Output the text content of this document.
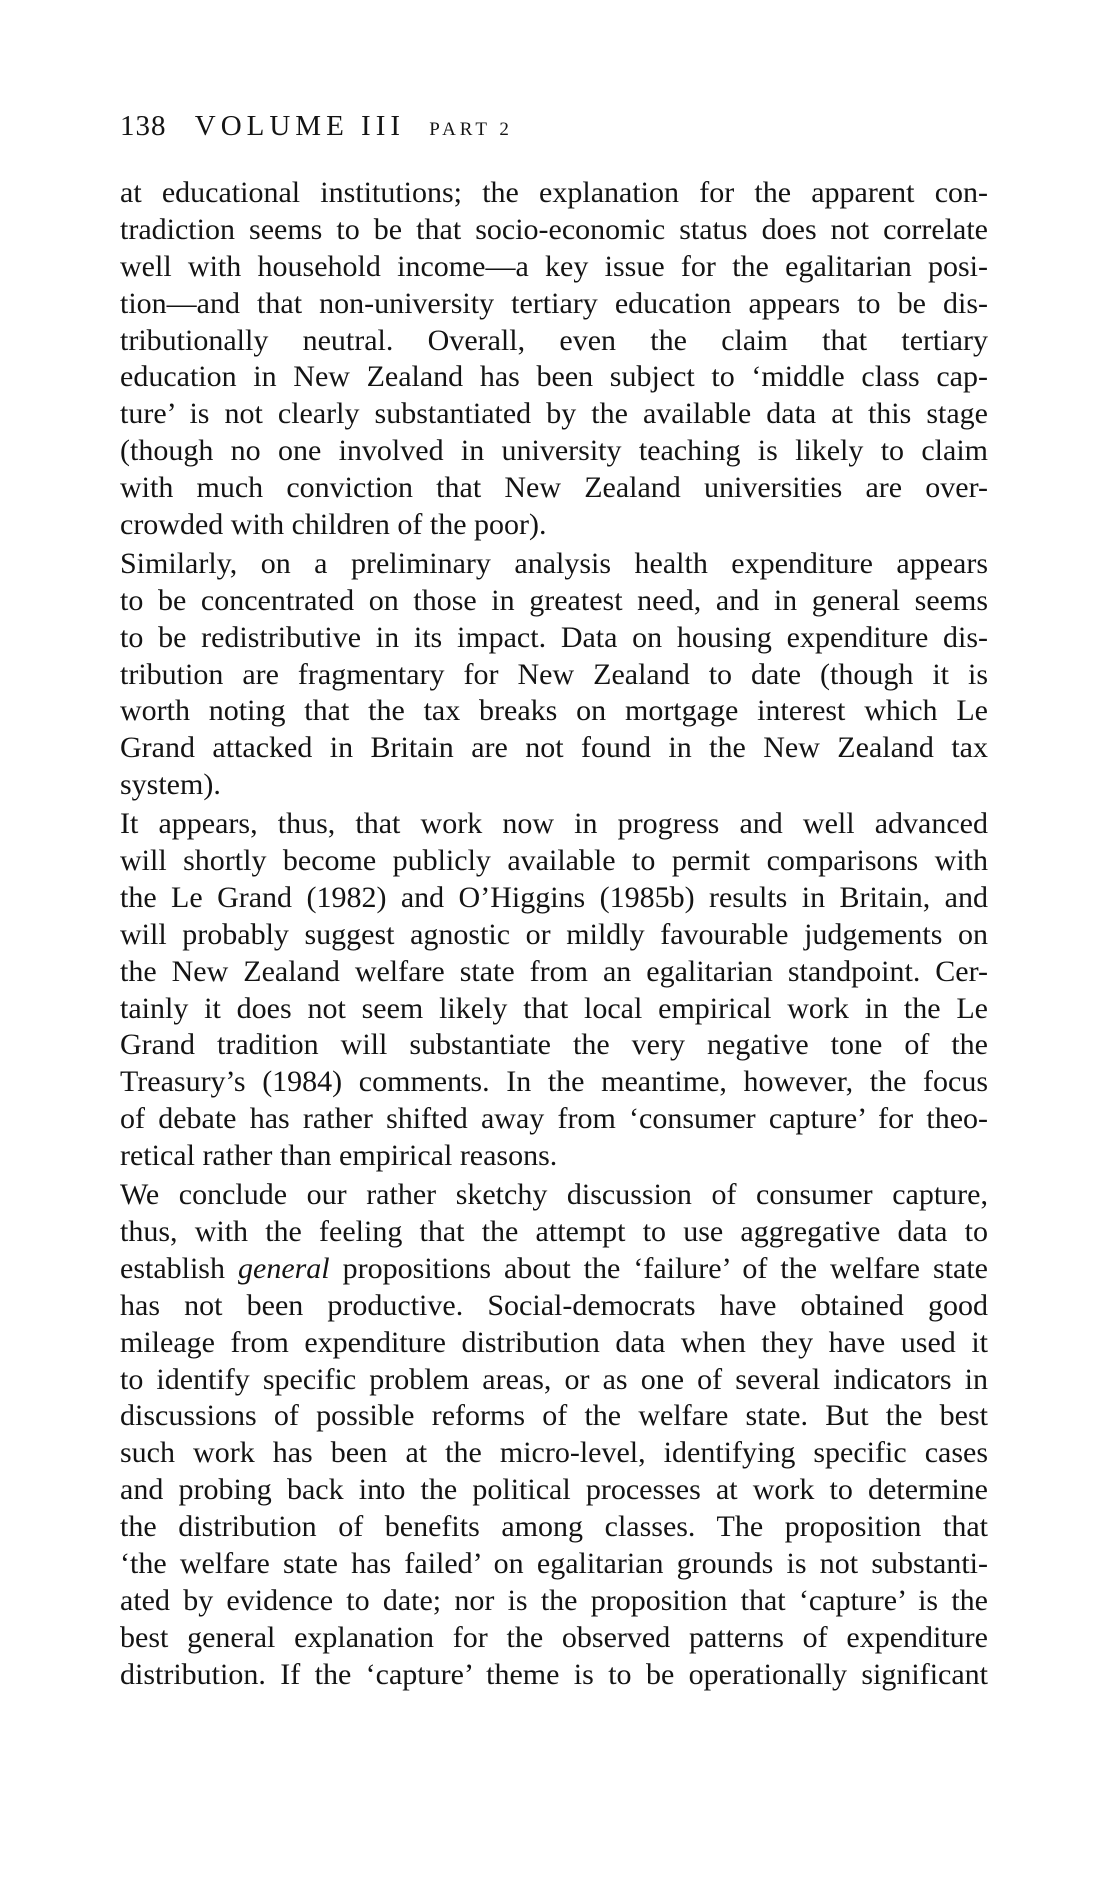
138 VOLUME III PART 2
at educational institutions; the explanation for the apparent con-
tradiction seems to be that socio-economic status does not correlate
well with household income—a key issue for the egalitarian posi-
tion—and that non-university tertiary education appears to be dis-
tributionally neutral. Overall, even the claim that tertiary
education in New Zealand has been subject to ‘middle class cap-
ture’ is not clearly substantiated by the available data at this stage
(though no one involved in university teaching is likely to claim
with much conviction that New Zealand universities are over-
crowded with children of the poor).
Similarly, on a preliminary analysis health expenditure appears
to be concentrated on those in greatest need, and in general seems
to be redistributive in its impact. Data on housing expenditure dis-
tribution are fragmentary for New Zealand to date (though it is
worth noting that the tax breaks on mortgage interest which Le
Grand attacked in Britain are not found in the New Zealand tax
system).
It appears, thus, that work now in progress and well advanced
will shortly become publicly available to permit comparisons with
the Le Grand (1982) and O’Higgins (1985b) results in Britain, and
will probably suggest agnostic or mildly favourable judgements on
the New Zealand welfare state from an egalitarian standpoint. Cer-
tainly it does not seem likely that local empirical work in the Le
Grand tradition will substantiate the very negative tone of the
Treasury’s (1984) comments. In the meantime, however, the focus
of debate has rather shifted away from ‘consumer capture’ for theo-
retical rather than empirical reasons.
We conclude our rather sketchy discussion of consumer capture,
thus, with the feeling that the attempt to use aggregative data to
establish general propositions about the ‘failure’ of the welfare state
has not been productive. Social-democrats have obtained good
mileage from expenditure distribution data when they have used it
to identify specific problem areas, or as one of several indicators in
discussions of possible reforms of the welfare state. But the best
such work has been at the micro-level, identifying specific cases
and probing back into the political processes at work to determine
the distribution of benefits among classes. The proposition that
‘the welfare state has failed’ on egalitarian grounds is not substanti-
ated by evidence to date; nor is the proposition that ‘capture’ is the
best general explanation for the observed patterns of expenditure
distribution. If the ‘capture’ theme is to be operationally significant
